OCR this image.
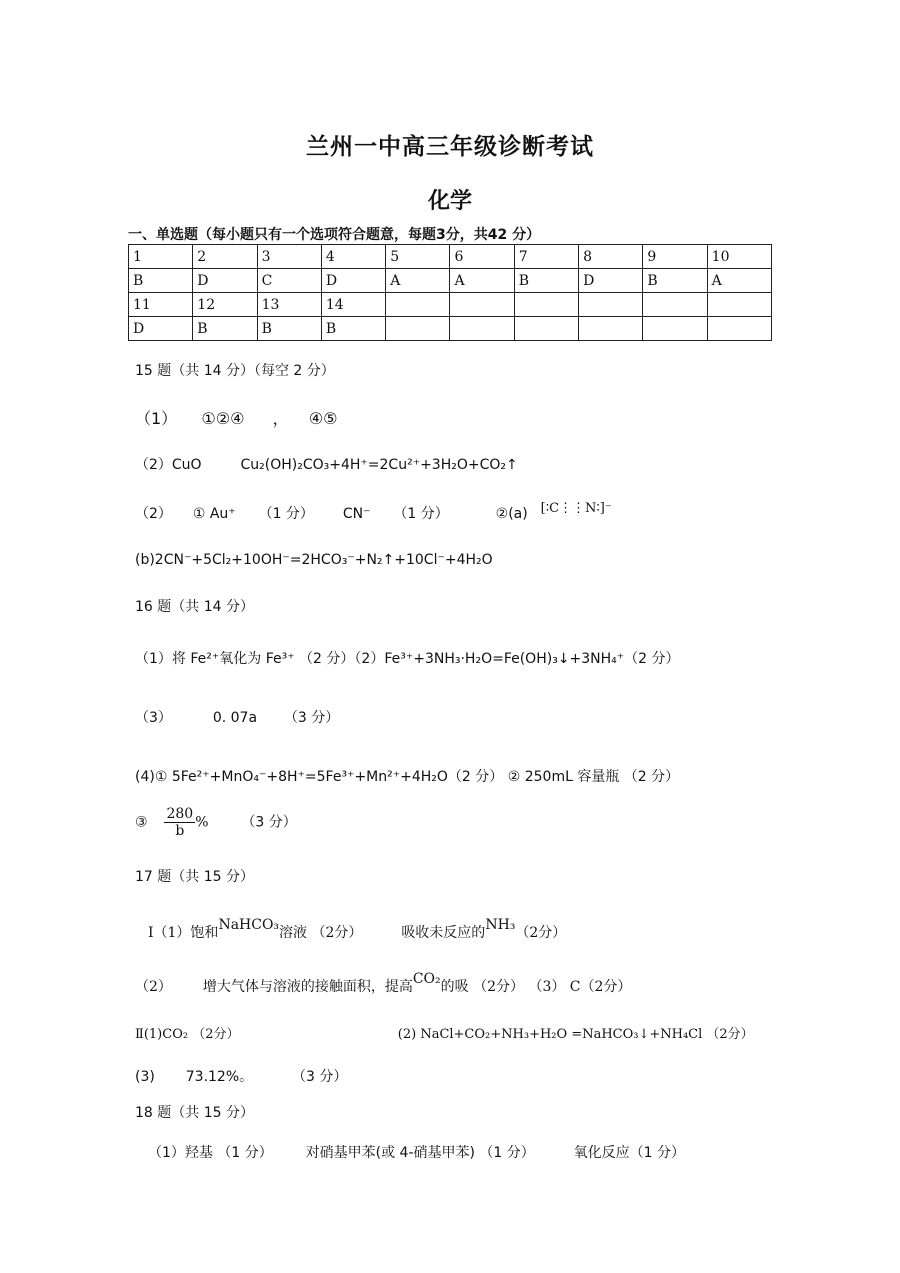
兰州一中高三年级诊断考试
化学
一、单选题（每小题只有一个选项符合题意，每题3分，共42 分）
1	2	3	4	5	6	7	8	9	10
B	D	C	D	A	A	B	D	B	A
11	12	13	14						
D	B	B	B						
15 题（共 14 分）（每空 2 分）
（1） ①②④ ， ④⑤
（2）CuO	Cu₂(OH)₂CO₃+4H⁺=2Cu²⁺+3H₂O+CO₂↑
（2） ① Au⁺ （1 分） CN⁻ （1 分）	②(a) [∶C⋮⋮N∶]⁻
(b)2CN⁻+5Cl₂+10OH⁻=2HCO₃⁻+N₂↑+10Cl⁻+4H₂O
16 题（共 14 分）
（1）将 Fe²⁺氧化为 Fe³⁺ （2 分）（2）Fe³⁺+3NH₃·H₂O=Fe(OH)₃↓+3NH₄⁺（2 分）
（3）	0. 07a （3 分）
(4)① 5Fe²⁺+MnO₄⁻+8H⁺=5Fe³⁺+Mn²⁺+4H₂O（2 分） ② 250mL 容量瓶 （2 分）
③ $\frac{280}{b}$ % （3 分）
17 题（共 15 分）
Ⅰ（1）饱和NaHCO₃溶液 （2分）	吸收未反应的NH₃（2分）
（2） 增大气体与溶液的接触面积，提高CO₂的吸 （2分） （3） C（2分）
Ⅱ(1)CO₂ （2分）	(2) NaCl+CO₂+NH₃+H₂O =NaHCO₃↓+NH₄Cl （2分）
(3) 73.12%。	（3 分）
18 题（共 15 分）
（1）羟基 （1 分） 对硝基甲苯(或 4-硝基甲苯) （1 分）	氧化反应（1 分）
